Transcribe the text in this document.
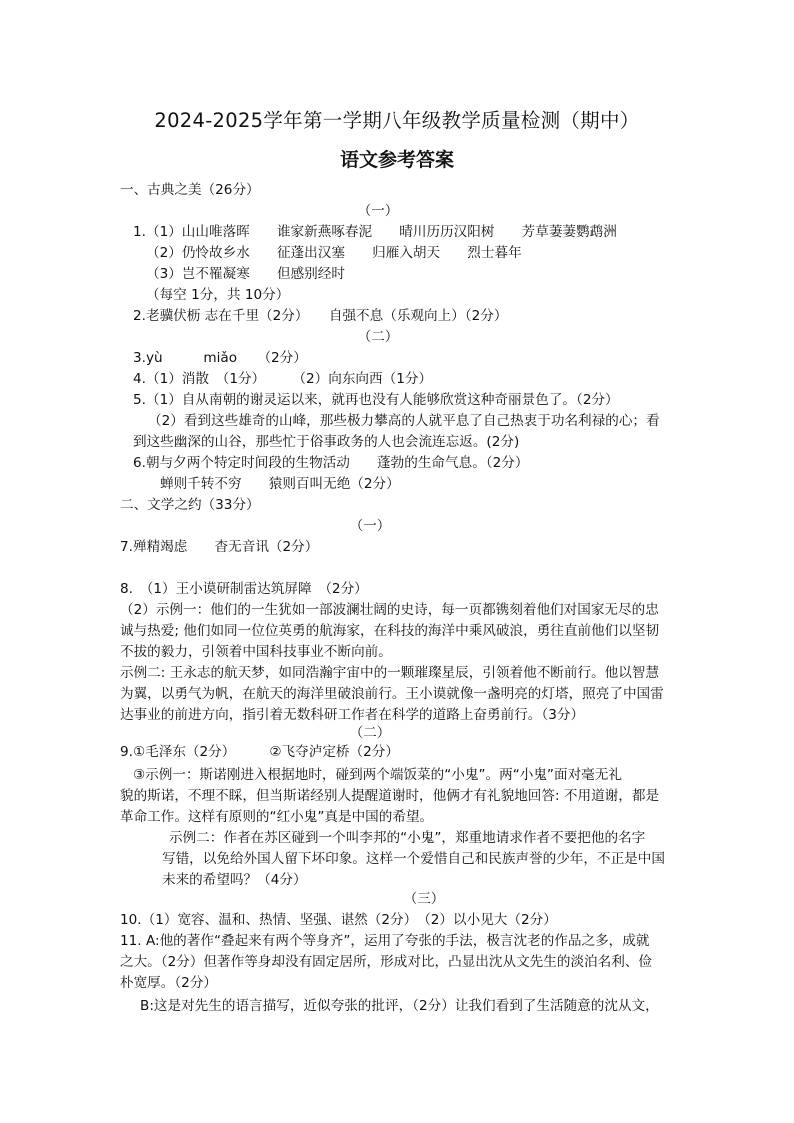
2024-2025学年第一学期八年级教学质量检测（期中）
语文参考答案
一、古典之美（26分）
（一）
1.（1）山山唯落晖　　谁家新燕啄春泥　　晴川历历汉阳树　　芳草萋萋鹦鹉洲
（2）仍怜故乡水　　征蓬出汉塞　　归雁入胡天　　烈士暮年
（3）岂不罹凝寒　　但感别经时
（每空 1分，共 10分）
2.老骥伏枥 志在千里（2分）　　自强不息（乐观向上）（2分）
（二）
3.yù　　　miǎo　　（2分）
4.（1）消散　（1分）　　　（2）向东向西（1分）
5.（1）自从南朝的谢灵运以来，就再也没有人能够欣赏这种奇丽景色了。（2分）
（2）看到这些雄奇的山峰，那些极力攀高的人就平息了自己热衷于功名利禄的心；看
到这些幽深的山谷，那些忙于俗事政务的人也会流连忘返。(2分)
6.朝与夕两个特定时间段的生物活动　　蓬勃的生命气息。（2分）
蝉则千转不穷　　猿则百叫无绝（2分）
二、文学之约（33分）
（一）
7.殚精竭虑　　杳无音讯（2分）
8.　（1）王小谟研制雷达筑屏障　（2分）
（2）示例一：他们的一生犹如一部波澜壮阔的史诗，每一页都镌刻着他们对国家无尽的忠
诚与热爱; 他们如同一位位英勇的航海家，在科技的海洋中乘风破浪，勇往直前他们以坚韧
不拔的毅力，引领着中国科技事业不断向前。
示例二: 王永志的航天梦，如同浩瀚宇宙中的一颗璀璨星辰，引领着他不断前行。他以智慧
为翼，以勇气为帆，在航天的海洋里破浪前行。王小谟就像一盏明亮的灯塔，照亮了中国雷
达事业的前进方向，指引着无数科研工作者在科学的道路上奋勇前行。（3分）
（二）
9.①毛泽东（2分）　　　②飞夺泸定桥（2分）
③示例一：斯诺刚进入根据地时，碰到两个端饭菜的“小鬼”。两“小鬼”面对毫无礼
貌的斯诺，不理不睬，但当斯诺经别人提醒道谢时，他俩才有礼貌地回答: 不用道谢，都是
革命工作。这样有原则的“红小鬼”真是中国的希望。
示例二：作者在苏区碰到一个叫李邦的“小鬼”，郑重地请求作者不要把他的名字
写错，以免给外国人留下坏印象。这样一个爱惜自己和民族声誉的少年，不正是中国
未来的希望吗？（4分）
（三）
10.（1）宽容、温和、热情、坚强、谌然（2分）　（2）以小见大（2分）
11. A:他的著作“叠起来有两个等身齐”，运用了夸张的手法，极言沈老的作品之多，成就
之大。（2分）但著作等身却没有固定居所，形成对比，凸显出沈从文先生的淡泊名利、俭
朴宽厚。（2分）
B:这是对先生的语言描写，近似夸张的批评，（2分）让我们看到了生活随意的沈从文，
